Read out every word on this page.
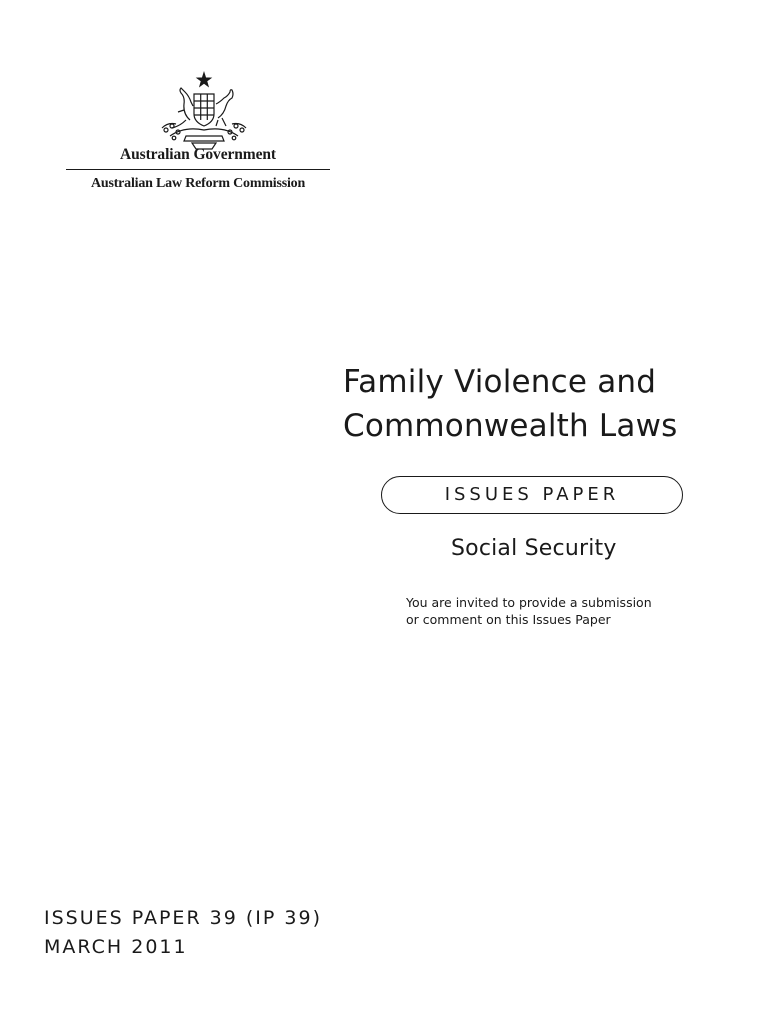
Australian Government
Australian Law Reform Commission
Family Violence and
Commonwealth Laws
ISSUES PAPER
Social Security
You are invited to provide a submission
or comment on this Issues Paper
ISSUES PAPER 39 (IP 39)
MARCH 2011
